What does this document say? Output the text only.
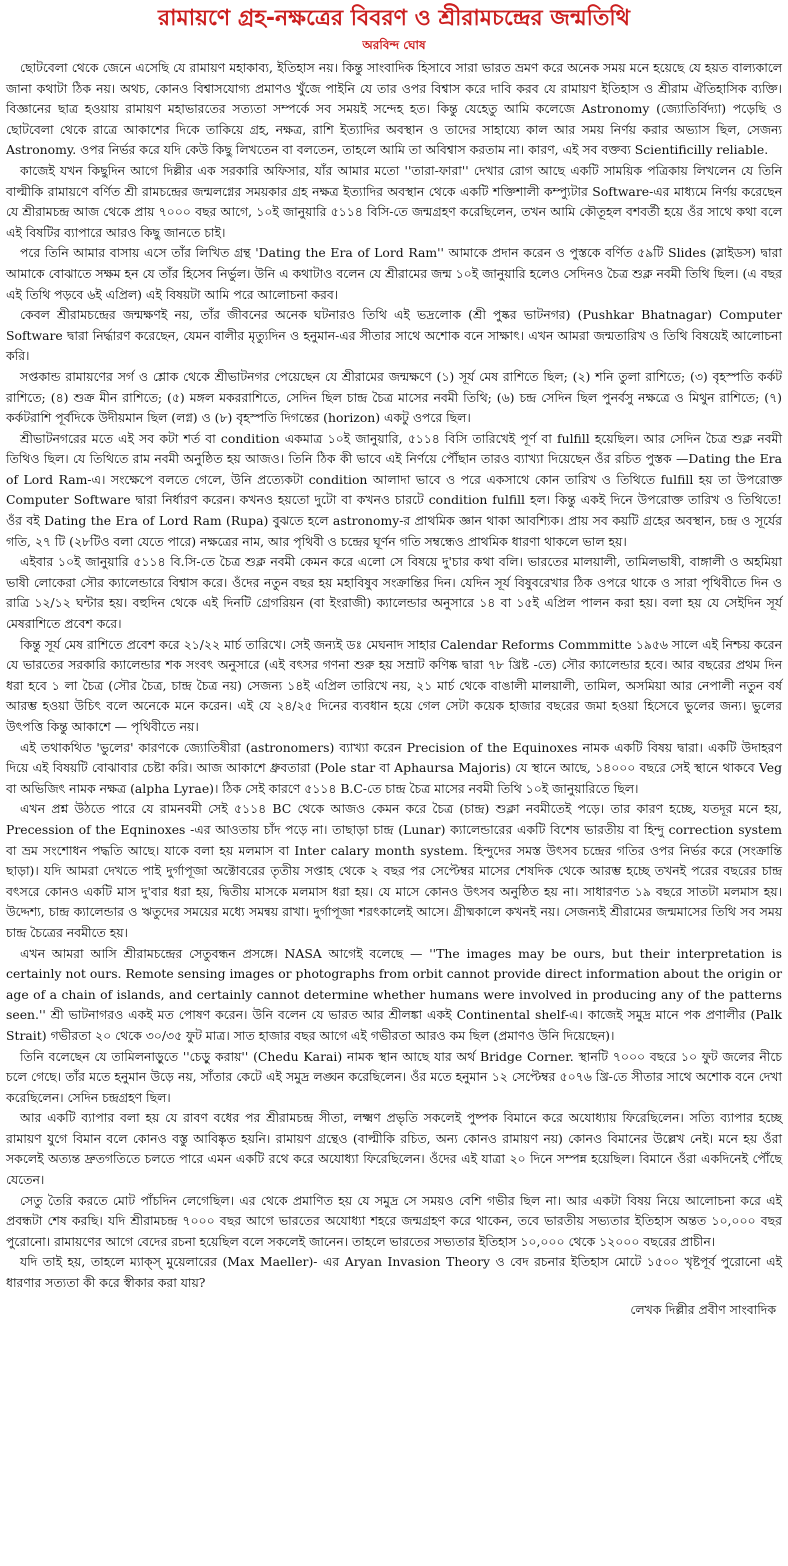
রামায়ণে গ্রহ-নক্ষত্রের বিবরণ ও শ্রীরামচন্দ্রের জন্মতিথি
অরবিন্দ ঘোষ

ছোটবেলা থেকে জেনে এসেছি যে রামায়ণ মহাকাব্য, ইতিহাস নয়। কিন্তু সাংবাদিক হিসাবে সারা ভারত ভ্রমণ করে অনেক সময় মনে হয়েছে যে হয়ত বাল্যকালে জানা কথাটা ঠিক নয়। অথচ, কোনও বিশ্বাসযোগ্য প্রমাণও খুঁজে পাইনি যে তার ওপর বিশ্বাস করে দাবি করব যে রামায়ণ ইতিহাস ও শ্রীরাম ঐতিহাসিক ব্যক্তি। বিজ্ঞানের ছাত্র হওয়ায় রামায়ণ মহাভারতের সত্যতা সম্পর্কে সব সময়ই সন্দেহ হত। কিন্তু যেহেতু আমি কলেজে Astronomy (জ্যোতির্বিদ্যা) পড়েছি ও ছোটবেলা থেকে রাত্রে আকাশের দিকে তাকিয়ে গ্রহ, নক্ষত্র, রাশি ইত্যাদির অবস্থান ও তাদের সাহায্যে কাল আর সময় নির্ণয় করার অভ্যাস ছিল, সেজন্য Astronomy. ওপর নির্ভর করে যদি কেউ কিছু লিখতেন বা বলতেন, তাহলে আমি তা অবিশ্বাস করতাম না। কারণ, এই সব বক্তব্য Scientificilly reliable.

কাজেই যখন কিছুদিন আগে দিল্লীর এক সরকারি অফিসার, যাঁর আমার মতো ''তারা-ফারা'' দেখার রোগ আছে একটি সাময়িক পত্রিকায় লিখলেন যে তিনি বাল্মীকি রামায়ণে বর্ণিত শ্রী রামচন্দ্রের জন্মলগ্নের সময়কার গ্রহ নক্ষত্র ইত্যাদির অবস্থান থেকে একটি শক্তিশালী কম্প্যুটার Software-এর মাধ্যমে নির্ণয় করেছেন যে শ্রীরামচন্দ্র আজ থেকে প্রায় ৭০০০ বছর আগে, ১০ই জানুয়ারি ৫১১৪ বিসি-তে জন্মগ্রহণ করেছিলেন, তখন আমি কৌতূহল বশবর্তী হয়ে ওঁর সাথে কথা বলে এই বিষটির ব্যাপারে আরও কিছু জানতে চাই।

পরে তিনি আমার বাসায় এসে তাঁর লিখিত গ্রন্থ 'Dating the Era of Lord Ram'' আমাকে প্রদান করেন ও পুস্তকে বর্ণিত ৫৯টি Slides (স্লাইডস) দ্বারা আমাকে বোঝাতে সক্ষম হন যে তাঁর হিসেব নির্ভুল। উনি এ কথাটাও বলেন যে শ্রীরামের জন্ম ১০ই জানুয়ারি হলেও সেদিনও চৈত্র শুক্ল নবমী তিথি ছিল। (এ বছর এই তিথি পড়বে ৬ই এপ্রিল) এই বিষয়টা আমি পরে আলোচনা করব।

কেবল শ্রীরামচন্দ্রের জন্মক্ষণই নয়, তাঁর জীবনের অনেক ঘটনারও তিথি এই ভদ্রলোক (শ্রী পুষ্কর ভাটনগর) (Pushkar Bhatnagar) Computer Software দ্বারা নির্দ্ধারণ করেছেন, যেমন বালীর মৃত্যুদিন ও হনুমান-এর সীতার সাথে অশোক বনে সাক্ষাৎ। এখন আমরা জন্মতারিখ ও তিথি বিষয়েই আলোচনা করি।

সপ্তকান্ড রামায়ণের সর্গ ও শ্লোক থেকে শ্রীভাটনগর পেয়েছেন যে শ্রীরামের জন্মক্ষণে (১) সূর্য মেষ রাশিতে ছিল; (২) শনি তুলা রাশিতে; (৩) বৃহস্পতি কর্কট রাশিতে; (৪) শুক্র মীন রাশিতে; (৫) মঙ্গল মকররাশিতে, সেদিন ছিল চান্দ্র চৈত্র মাসের নবমী তিথি; (৬) চন্দ্র সেদিন ছিল পুনর্বসু নক্ষত্রে ও মিথুন রাশিতে; (৭) কর্কটরাশি পূর্বদিকে উদীয়মান ছিল (লগ্ন) ও (৮) বৃহস্পতি দিগন্তের (horizon) একটু ওপরে ছিল।

শ্রীভাটনগরের মতে এই সব কটা শর্ত বা condition একমাত্র ১০ই জানুয়ারি, ৫১১৪ বিসি তারিখেই পূর্ণ বা fulfill হয়েছিল। আর সেদিন চৈত্র শুক্ল নবমী তিথিও ছিল। যে তিথিতে রাম নবমী অনুষ্ঠিত হয় আজও। তিনি ঠিক কী ভাবে এই নির্ণয়ে পৌঁছান তারও ব্যাখ্যা দিয়েছেন ওঁর রচিত পুস্তক —Dating the Era of Lord Ram-এ। সংক্ষেপে বলতে গেলে, উনি প্রত্যেকটা condition আলাদা ভাবে ও পরে একসাথে কোন তারিখ ও তিথিতে fulfill হয় তা উপরোক্ত Computer Software দ্বারা নির্ধারণ করেন। কখনও হয়তো দুটো বা কখনও চারটে condition fulfill হল। কিন্তু একই দিনে উপরোক্ত তারিখ ও তিথিতে! ওঁর বই Dating the Era of Lord Ram (Rupa) বুঝতে হলে astronomy-র প্রাথমিক জ্ঞান থাকা আবশ্যিক। প্রায় সব কয়টি গ্রহের অবস্থান, চন্দ্র ও সূর্যের গতি, ২৭ টি (২৮টিও বলা যেতে পারে) নক্ষত্রের নাম, আর পৃথিবী ও চন্দ্রের ঘূর্ণন গতি সম্বন্ধেও প্রাথমিক ধারণা থাকলে ভাল হয়।

এইবার ১০ই জানুয়ারি ৫১১৪ বি.সি-তে চৈত্র শুক্ল নবমী কেমন করে এলো সে বিষয়ে দু'চার কথা বলি। ভারতের মালয়ালী, তামিলভাষী, বাঙ্গালী ও অহমিয়া ভাষী লোকেরা সৌর ক্যালেন্ডারে বিশ্বাস করে। ওঁদের নতুন বছর হয় মহাবিষুব সংক্রান্তির দিন। যেদিন সূর্য বিষুবরেখার ঠিক ওপরে থাকে ও সারা পৃথিবীতে দিন ও রাত্রি ১২/১২ ঘন্টার হয়। বহুদিন থেকে এই দিনটি গ্রেগরিয়ন (বা ইংরাজী) ক্যালেন্ডার অনুসারে ১৪ বা ১৫ই এপ্রিল পালন করা হয়। বলা হয় যে সেইদিন সূর্য মেষরাশিতে প্রবেশ করে।

কিন্তু সূর্য মেষ রাশিতে প্রবেশ করে ২১/২২ মার্চ তারিখে। সেই জন্যই ডঃ মেঘনাদ সাহার Calendar Reforms Commmitte ১৯৫৬ সালে এই নিশ্চয় করেন যে ভারতের সরকারি ক্যালেন্ডার শক সংবৎ অনুসারে (এই বৎসর গণনা শুরু হয় সম্রাট কণিষ্ক দ্বারা ৭৮ খ্রিষ্ট -তে) সৌর ক্যালেন্ডার হবে। আর বছরের প্রথম দিন ধরা হবে ১ লা চৈত্র (সৌর চৈত্র, চান্দ্র চৈত্র নয়) সেজন্য ১৪ই এপ্রিল তারিখে নয়, ২১ মার্চ থেকে বাঙালী মালয়ালী, তামিল, অসমিয়া আর নেপালী নতুন বর্ষ আরম্ভ হওয়া উচিৎ বলে অনেকে মনে করেন। এই যে ২৪/২৫ দিনের ব্যবধান হয়ে গেল সেটা কয়েক হাজার বছরের জমা হওয়া হিসেবে ভুলের জন্য। ভুলের উৎপত্তি কিন্তু আকাশে — পৃথিবীতে নয়।

এই তথাকথিত 'ভুলের' কারণকে জ্যোতিষীরা (astronomers) ব্যাখ্যা করেন Precision of the Equinoxes নামক একটি বিষয় দ্বারা। একটি উদাহরণ দিয়ে এই বিষয়টি বোঝাবার চেষ্টা করি। আজ আকাশে ধ্রুবতারা (Pole star বা Aphaursa Majoris) যে স্থানে আছে, ১৪০০০ বছরে সেই স্থানে থাকবে Veg বা অভিজিৎ নামক নক্ষত্র (alpha Lyrae)। ঠিক সেই কারণে ৫১১৪ B.C-তে চান্দ্র চৈত্র মাসের নবমী তিথি ১০ই জানুয়ারিতে ছিল।

এখন প্রশ্ন উঠতে পারে যে রামনবমী সেই ৫১১৪ BC থেকে আজও কেমন করে চৈত্র (চান্দ্র) শুক্লা নবমীতেই পড়ে। তার কারণ হচ্ছে, যতদূর মনে হয়, Precession of the Eqninoxes -এর আওতায় চাঁদ পড়ে না। তাছাড়া চান্দ্র (Lunar) ক্যালেন্ডারের একটি বিশেষ ভারতীয় বা হিন্দু correction system বা ভ্রম সংশোধন পদ্ধতি আছে। যাকে বলা হয় মলমাস বা Inter calary month system. হিন্দুদের সমস্ত উৎসব চন্দ্রের গতির ওপর নির্ভর করে (সংক্রান্তি ছাড়া)। যদি আমরা দেখতে পাই দুর্গাপূজা অক্টোবরের তৃতীয় সপ্তাহ থেকে ২ বছর পর সেপ্টেম্বর মাসের শেষদিক থেকে আরম্ভ হচ্ছে তখনই পরের বছরের চান্দ্র বৎসরে কোনও একটি মাস দু'বার ধরা হয়, দ্বিতীয় মাসকে মলমাস ধরা হয়। যে মাসে কোনও উৎসব অনুষ্ঠিত হয় না। সাধারণত ১৯ বছরে সাতটা মলমাস হয়। উদ্দেশ্য, চান্দ্র ক্যালেন্ডার ও ঋতুদের সময়ের মধ্যে সমন্বয় রাখা। দুর্গাপূজা শরৎকালেই আসে। গ্রীষ্মকালে কখনই নয়। সেজন্যই শ্রীরামের জন্মমাসের তিথি সব সময় চান্দ্র চৈত্রের নবমীতে হয়।

এখন আমরা আসি শ্রীরামচন্দ্রের সেতুবন্ধন প্রসঙ্গে। NASA আগেই বলেছে — ''The images may be ours, but their interpretation is certainly not ours. Remote sensing images or photographs from orbit cannot provide direct information about the origin or age of a chain of islands, and certainly cannot determine whether humans were involved in producing any of the patterns seen.'' শ্রী ভাটনাগরও একই মত পোষণ করেন। উনি বলেন যে ভারত আর শ্রীলঙ্কা একই Continental shelf-এ। কাজেই সমুদ্র মানে পক প্রণালীর (Palk Strait) গভীরতা ২০ থেকে ৩০/৩৫ ফুট মাত্র। সাত হাজার বছর আগে এই গভীরতা আরও কম ছিল (প্রমাণও উনি দিয়েছেন)।

তিনি বলেছেন যে তামিলনাড়ুতে ''চেড়ু করায়'' (Chedu Karai) নামক স্থান আছে যার অর্থ Bridge Corner. স্থানটি ৭০০০ বছরে ১০ ফুট জলের নীচে চলে গেছে। তাঁর মতে হনুমান উড়ে নয়, সাঁতার কেটে এই সমুদ্র লঙ্ঘন করেছিলেন। ওঁর মতে হনুমান ১২ সেপ্টেম্বর ৫০৭৬ খ্রি-তে সীতার সাথে অশোক বনে দেখা করেছিলেন। সেদিন চন্দ্রগ্রহণ ছিল।

আর একটি ব্যাপার বলা হয় যে রাবণ বধের পর শ্রীরামচন্দ্র সীতা, লক্ষ্মণ প্রভৃতি সকলেই পুষ্পক বিমানে করে অযোধ্যায় ফিরেছিলেন। সত্যি ব্যাপার হচ্ছে রামায়ণ যুগে বিমান বলে কোনও বস্তু আবিষ্কৃত হয়নি। রামায়ণ গ্রন্থেও (বাল্মীকি রচিত, অন্য কোনও রামায়ণ নয়) কোনও বিমানের উল্লেখ নেই। মনে হয় ওঁরা সকলেই অত্যন্ত দ্রুতগতিতে চলতে পারে এমন একটি রথে করে অযোধ্যা ফিরেছিলেন। ওঁদের এই যাত্রা ২০ দিনে সম্পন্ন হয়েছিল। বিমানে ওঁরা একদিনেই পৌঁছে যেতেন।

সেতু তৈরি করতে মোট পাঁচদিন লেগেছিল। এর থেকে প্রমাণিত হয় যে সমুদ্র সে সময়ও বেশি গভীর ছিল না। আর একটা বিষয় নিয়ে আলোচনা করে এই প্রবন্ধটা শেষ করছি। যদি শ্রীরামচন্দ্র ৭০০০ বছর আগে ভারতের অযোধ্যা শহরে জন্মগ্রহণ করে থাকেন, তবে ভারতীয় সভ্যতার ইতিহাস অন্তত ১০,০০০ বছর পুরোনো। রামায়ণের আগে বেদের রচনা হয়েছিল বলে সকলেই জানেন। তাহলে ভারতের সভ্যতার ইতিহাস ১০,০০০ থেকে ১২০০০ বছরের প্রাচীন।

যদি তাই হয়, তাহলে ম্যাক্স্ মুয়েলারের (Max Maeller)- এর Aryan Invasion Theory ও বেদ রচনার ইতিহাস মোটে ১৫০০ খৃষ্টপূর্ব পুরোনো এই ধারণার সত্যতা কী করে স্বীকার করা যায়?

লেখক দিল্লীর প্রবীণ সাংবাদিক
